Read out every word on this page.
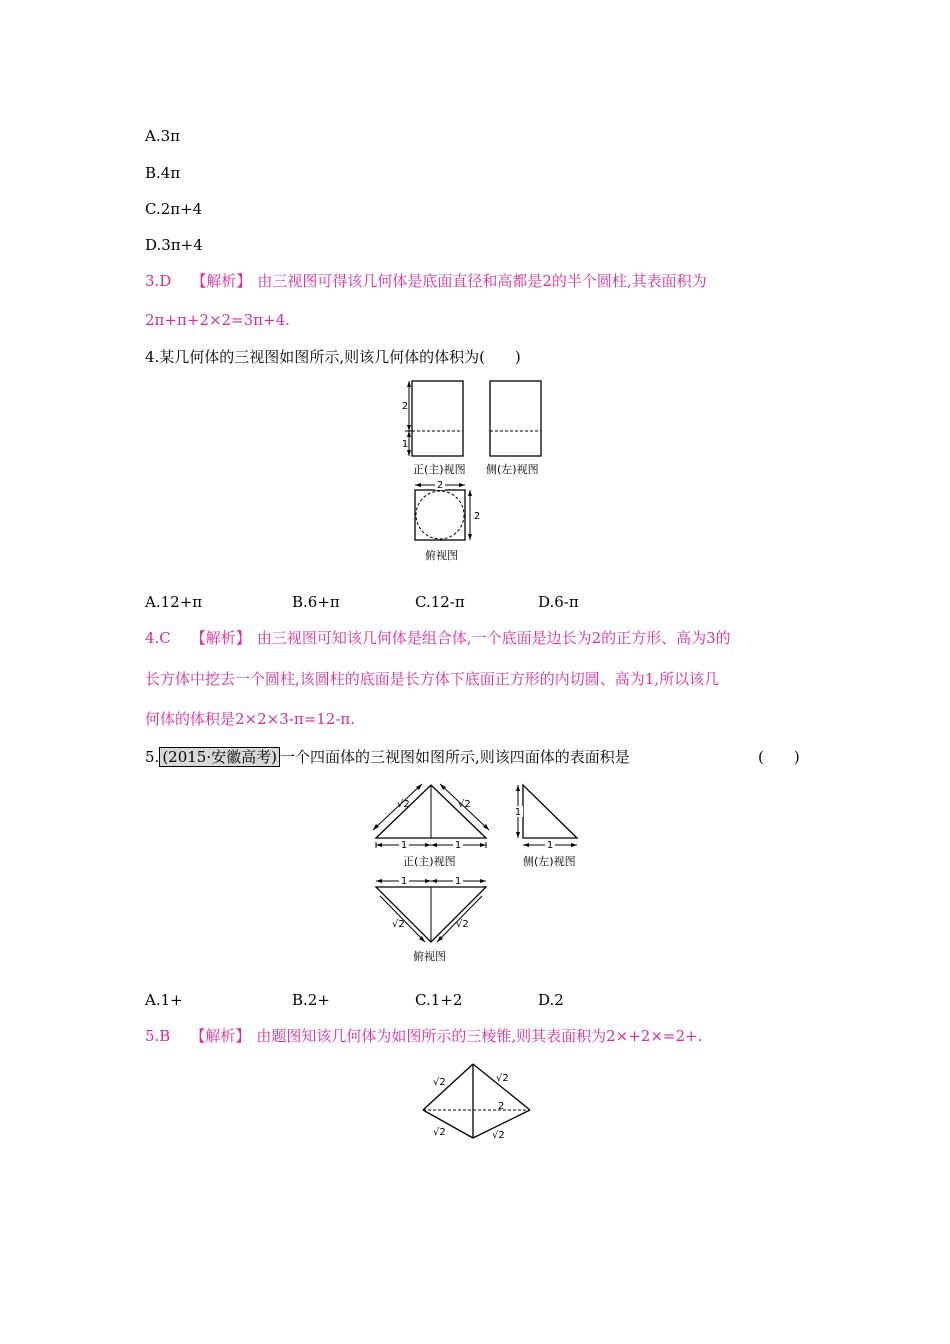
A.3π
B.4π
C.2π+4
D.3π+4
3.D 【解析】 由三视图可得该几何体是底面直径和高都是2的半个圆柱,其表面积为
2π+π+2×2=3π+4.
4.某几何体的三视图如图所示,则该几何体的体积为(　　)
2
1
2
2
正(主)视图 侧(左)视图
俯视图
A.12+π	B.6+π	C.12-π	D.6-π
4.C 【解析】 由三视图可知该几何体是组合体,一个底面是边长为2的正方形、高为3的
长方体中挖去一个圆柱,该圆柱的底面是长方体下底面正方形的内切圆、高为1,所以该几
何体的体积是2×2×3-π=12-π.
5. (2015·安徽高考) 一个四面体的三视图如图所示,则该四面体的表面积是	(　　)
√2	√2
1	1
1
1
1	1
√2	√2
正(主)视图	侧(左)视图
俯视图
A.1+	B.2+	C.1+2	D.2
5.B 【解析】 由题图知该几何体为如图所示的三棱锥,则其表面积为2×+2×=2+.
√2	√2
2
√2	√2
